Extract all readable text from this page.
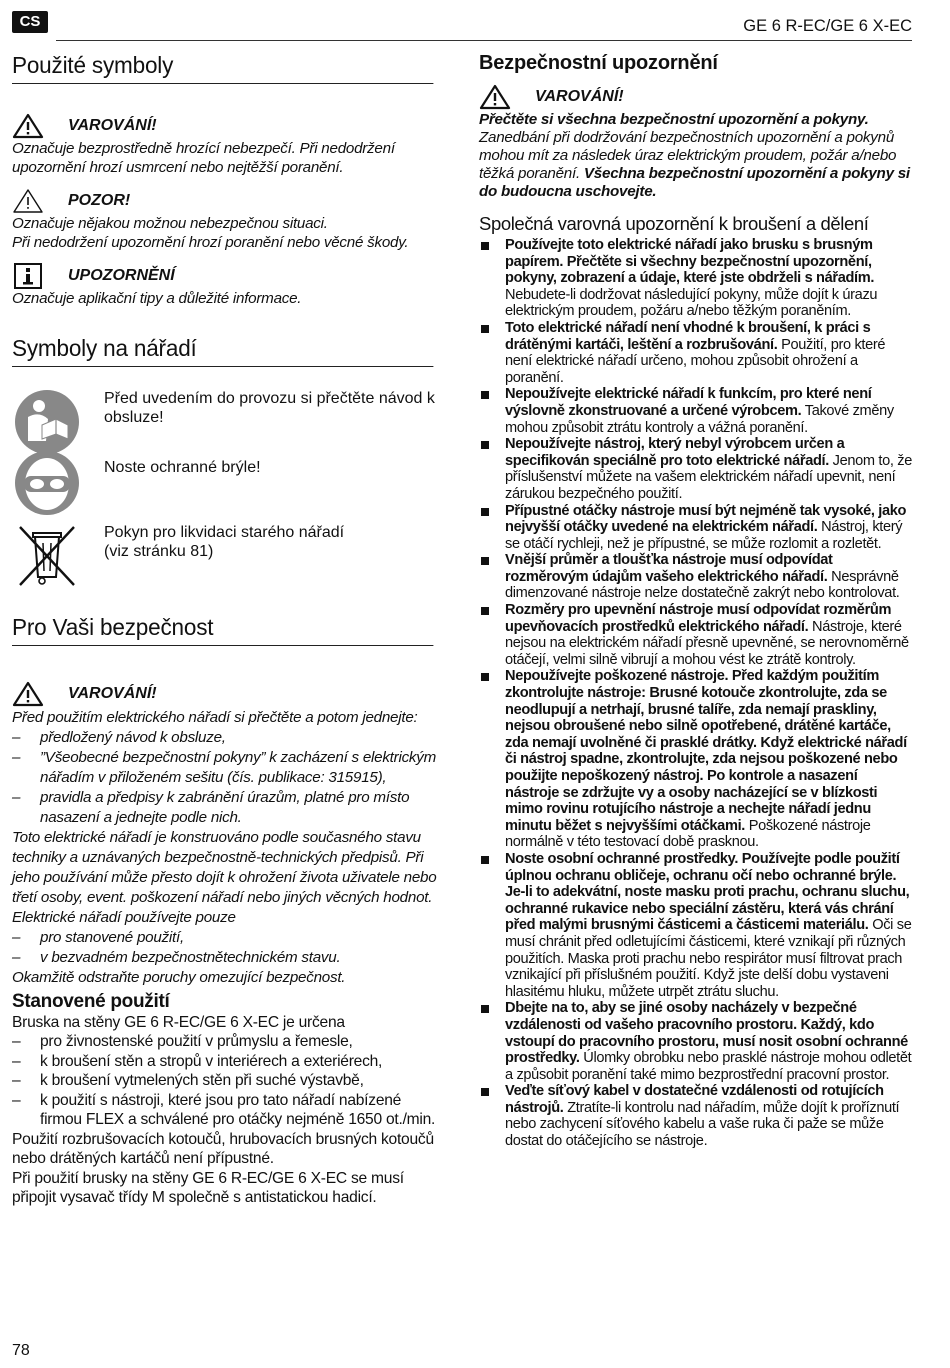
CS	GE 6 R-EC/GE 6 X-EC
Použité symboly
VAROVÁNÍ!
Označuje bezprostředně hrozící nebezpečí. Při nedodržení upozornění hrozí usmrcení nebo nejtěžší poranění.
POZOR!
Označuje nějakou možnou nebezpečnou situaci.
Při nedodržení upozornění hrozí poranění nebo věcné škody.
UPOZORNĚNÍ
Označuje aplikační tipy a důležité informace.
Symboly na nářadí
Před uvedením do provozu si přečtěte návod k obsluze!
Noste ochranné brýle!
Pokyn pro likvidaci starého nářadí
(viz stránku 81)
Pro Vaši bezpečnost
VAROVÁNÍ!
Před použitím elektrického nářadí si přečtěte a potom jednejte:
–	předložený návod k obsluze,
–	”Všeobecné bezpečnostní pokyny” k zacházení s elektrickým nářadím v přiloženém sešitu (čís. publikace: 315915),
–	pravidla a předpisy k zabránění úrazům, platné pro místo nasazení a jednejte podle nich.
Toto elektrické nářadí je konstruováno podle současného stavu techniky a uznávaných bezpečnostně-technických předpisů. Při jeho používání může přesto dojít k ohrožení života uživatele nebo třetí osoby, event. poškození nářadí nebo jiných věcných hodnot.
Elektrické nářadí používejte pouze
–	pro stanovené použití,
–	v bezvadném bezpečnostnětechnickém stavu.
Okamžitě odstraňte poruchy omezující bezpečnost.
Stanovené použití
Bruska na stěny GE 6 R-EC/GE 6 X-EC je určena
–	pro živnostenské použití v průmyslu a řemesle,
–	k broušení stěn a stropů v interiérech a exteriérech,
–	k broušení vytmelených stěn při suché výstavbě,
–	k použití s nástroji, které jsou pro tato nářadí nabízené firmou FLEX a schválené pro otáčky nejméně 1650 ot./min.
Použití rozbrušovacích kotoučů, hrubovacích brusných kotoučů nebo drátěných kartáčů není přípustné.
Při použití brusky na stěny GE 6 R-EC/GE 6 X-EC se musí připojit vysavač třídy M společně s antistatickou hadicí.
Bezpečnostní upozornění
VAROVÁNÍ!
Přečtěte si všechna bezpečnostní upozornění a pokyny. Zanedbání při dodržování bezpečnostních upozornění a pokynů mohou mít za následek úraz elektrickým proudem, požár a/nebo těžká poranění. Všechna bezpečnostní upozornění a pokyny si do budoucna uschovejte.
Společná varovná upozornění k broušení a dělení
Používejte toto elektrické nářadí jako brusku s brusným papírem. Přečtěte si všechny bezpečnostní upozornění, pokyny, zobrazení a údaje, které jste obdrželi s nářadím. Nebudete-li dodržovat následující pokyny, může dojít k úrazu elektrickým proudem, požáru a/nebo těžkým poraněním.
Toto elektrické nářadí není vhodné k broušení, k práci s drátěnými kartáči, leštění a rozbrušování. Použití, pro které není elektrické nářadí určeno, mohou způsobit ohrožení a poranění.
Nepoužívejte elektrické nářadí k funkcím, pro které není výslovně zkonstruované a určené výrobcem. Takové změny mohou způsobit ztrátu kontroly a vážná poranění.
Nepoužívejte nástroj, který nebyl výrobcem určen a specifikován speciálně pro toto elektrické nářadí. Jenom to, že příslušenství můžete na vašem elektrickém nářadí upevnit, není zárukou bezpečného použití.
Přípustné otáčky nástroje musí být nejméně tak vysoké, jako nejvyšší otáčky uvedené na elektrickém nářadí. Nástroj, který se otáčí rychleji, než je přípustné, se může rozlomit a rozletět.
Vnější průměr a tloušťka nástroje musí odpovídat rozměrovým údajům vašeho elektrického nářadí. Nesprávně dimenzované nástroje nelze dostatečně zakrýt nebo kontrolovat.
Rozměry pro upevnění nástroje musí odpovídat rozměrům upevňovacích prostředků elektrického nářadí. Nástroje, které nejsou na elektrickém nářadí přesně upevněné, se nerovnoměrně otáčejí, velmi silně vibrují a mohou vést ke ztrátě kontroly.
Nepoužívejte poškozené nástroje. Před každým použitím zkontrolujte nástroje: Brusné kotouče zkontrolujte, zda se neodlupují a netrhají, brusné talíře, zda nemají praskliny, nejsou obroušené nebo silně opotřebené, drátěné kartáče, zda nemají uvolněné či prasklé drátky. Když elektrické nářadí či nástroj spadne, zkontrolujte, zda nejsou poškozené nebo použijte nepoškozený nástroj. Po kontrole a nasazení nástroje se zdržujte vy a osoby nacházející se v blízkosti mimo rovinu rotujícího nástroje a nechejte nářadí jednu minutu běžet s nejvyššími otáčkami. Poškozené nástroje normálně v této testovací době prasknou.
Noste osobní ochranné prostředky. Používejte podle použití úplnou ochranu obličeje, ochranu očí nebo ochranné brýle. Je-li to adekvátní, noste masku proti prachu, ochranu sluchu, ochranné rukavice nebo speciální zástěru, která vás chrání před malými brusnými částicemi a částicemi materiálu. Oči se musí chránit před odletujícími částicemi, které vznikají při různých použitích. Maska proti prachu nebo respirátor musí filtrovat prach vznikající při příslušném použití. Když jste delší dobu vystaveni hlasitému hluku, můžete utrpět ztrátu sluchu.
Dbejte na to, aby se jiné osoby nacházely v bezpečné vzdálenosti od vašeho pracovního prostoru. Každý, kdo vstoupí do pracovního prostoru, musí nosit osobní ochranné prostředky. Úlomky obrobku nebo prasklé nástroje mohou odletět a způsobit poranění také mimo bezprostřední pracovní prostor.
Veďte síťový kabel v dostatečné vzdálenosti od rotujících nástrojů. Ztratíte-li kontrolu nad nářadím, může dojít k proříznutí nebo zachycení síťového kabelu a vaše ruka či paže se může dostat do otáčejícího se nástroje.
78
